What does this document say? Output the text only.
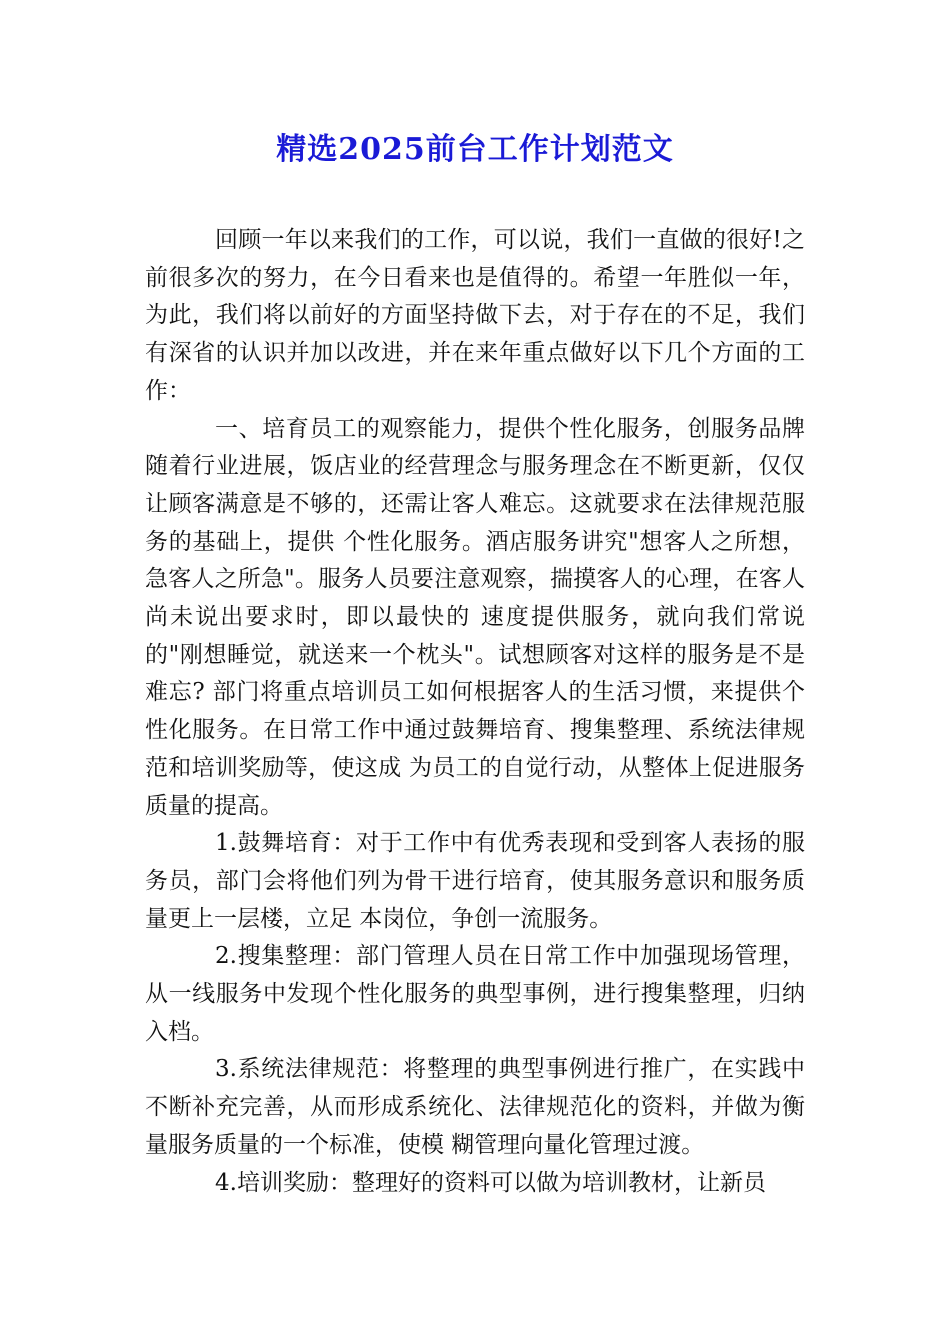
精选2025前台工作计划范文

回顾一年以来我们的工作，可以说，我们一直做的很好!之前很多次的努力，在今日看来也是值得的。希望一年胜似一年，为此，我们将以前好的方面坚持做下去，对于存在的不足，我们有深省的认识并加以改进，并在来年重点做好以下几个方面的工作：

一、培育员工的观察能力，提供个性化服务，创服务品牌 随着行业进展，饭店业的经营理念与服务理念在不断更新，仅仅让顾客满意是不够的，还需让客人难忘。这就要求在法律规范服务的基础上，提供 个性化服务。酒店服务讲究"想客人之所想，急客人之所急"。服务人员要注意观察，揣摸客人的心理，在客人尚未说出要求时，即以最快的 速度提供服务，就向我们常说的"刚想睡觉，就送来一个枕头"。试想顾客对这样的服务是不是难忘? 部门将重点培训员工如何根据客人的生活习惯，来提供个性化服务。在日常工作中通过鼓舞培育、搜集整理、系统法律规范和培训奖励等，使这成 为员工的自觉行动，从整体上促进服务质量的提高。

1.鼓舞培育：对于工作中有优秀表现和受到客人表扬的服务员，部门会将他们列为骨干进行培育，使其服务意识和服务质量更上一层楼，立足 本岗位，争创一流服务。

2.搜集整理：部门管理人员在日常工作中加强现场管理，从一线服务中发现个性化服务的典型事例，进行搜集整理，归纳入档。

3.系统法律规范：将整理的典型事例进行推广，在实践中不断补充完善，从而形成系统化、法律规范化的资料，并做为衡量服务质量的一个标准，使模 糊管理向量化管理过渡。

4.培训奖励：整理好的资料可以做为培训教材，让新员
